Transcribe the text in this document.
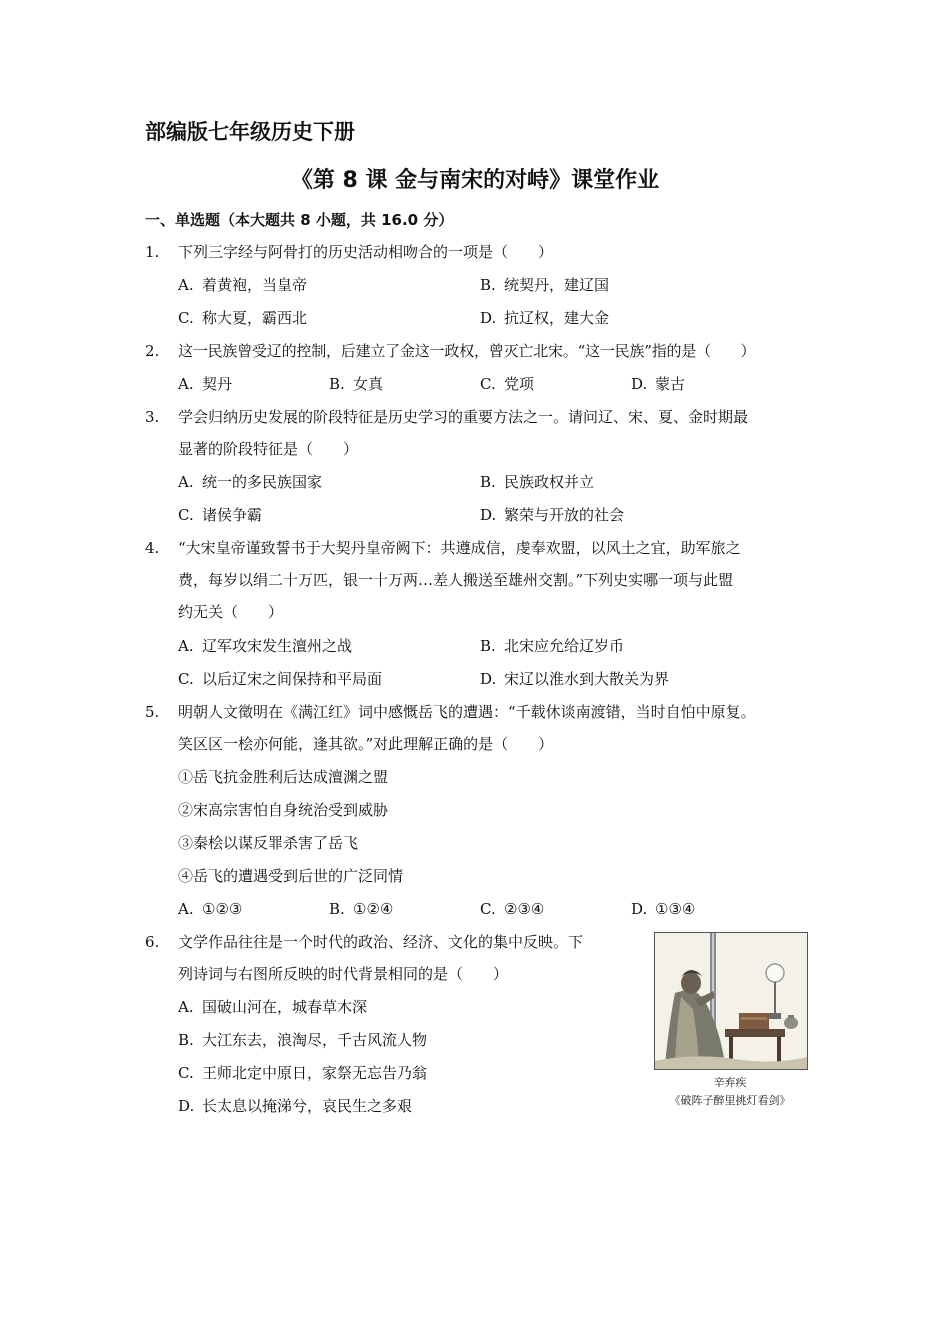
部编版七年级历史下册
《第 8 课 金与南宋的对峙》课堂作业
一、单选题（本大题共 8 小题，共 16.0 分）
1. 下列三字经与阿骨打的历史活动相吻合的一项是（　　）
A. 着黄袍，当皇帝	B. 统契丹，建辽国
C. 称大夏，霸西北	D. 抗辽权，建大金
2. 这一民族曾受辽的控制，后建立了金这一政权，曾灭亡北宋。“这一民族”指的是（　　）
A. 契丹	B. 女真	C. 党项	D. 蒙古
3. 学会归纳历史发展的阶段特征是历史学习的重要方法之一。请问辽、宋、夏、金时期最
显著的阶段特征是（　　）
A. 统一的多民族国家	B. 民族政权并立
C. 诸侯争霸	D. 繁荣与开放的社会
4. “大宋皇帝谨致誓书于大契丹皇帝阙下：共遵成信，虔奉欢盟，以风土之宜，助军旅之
费，每岁以绢二十万匹，银一十万两…差人搬送至雄州交割。”下列史实哪一项与此盟
约无关（　　）
A. 辽军攻宋发生澶州之战	B. 北宋应允给辽岁币
C. 以后辽宋之间保持和平局面	D. 宋辽以淮水到大散关为界
5. 明朝人文徵明在《满江红》词中感慨岳飞的遭遇：“千载休谈南渡错，当时自怕中原复。
笑区区一桧亦何能，逢其欲。”对此理解正确的是（　　）
①岳飞抗金胜利后达成澶渊之盟
②宋高宗害怕自身统治受到威胁
③秦桧以谋反罪杀害了岳飞
④岳飞的遭遇受到后世的广泛同情
A. ①②③	B. ①②④	C. ②③④	D. ①③④
6. 文学作品往往是一个时代的政治、经济、文化的集中反映。下
列诗词与右图所反映的时代背景相同的是（　　）
A. 国破山河在，城春草木深
B. 大江东去，浪淘尽，千古风流人物
C. 王师北定中原日，家祭无忘告乃翁
D. 长太息以掩涕兮，哀民生之多艰
辛弃疾
《破阵子醉里挑灯看剑》
